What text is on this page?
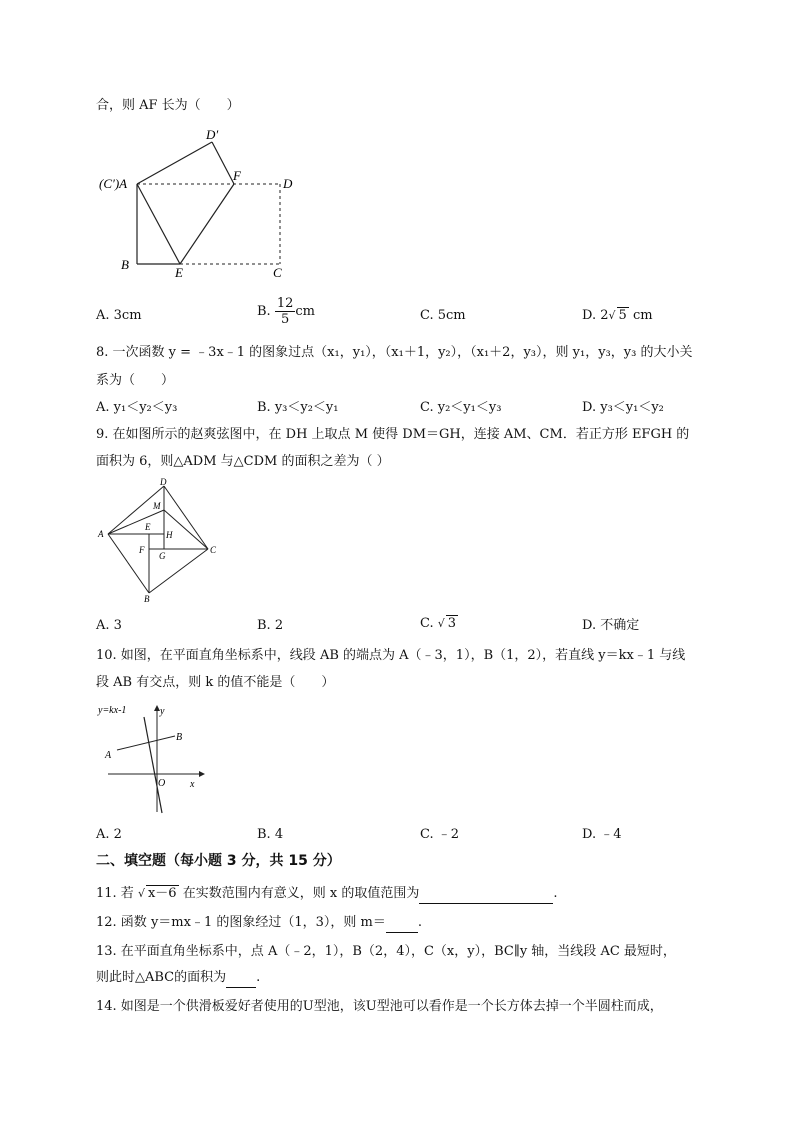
合，则 AF 长为（　　）
D′
(C′)A
F
D
B
E	C
A. 3cm	B. $\frac{12}{5}$ cm	C. 5cm	D. 2√ 5 cm
8. 一次函数 y = ﹣3x﹣1 的图象过点（x₁，y₁），（x₁＋1，y₂），（x₁＋2，y₃），则 y₁，y₃，y₃ 的大小关
系为（　　）
A. y₁＜y₂＜y₃	B. y₃＜y₂＜y₁	C. y₂＜y₁＜y₃	D. y₃＜y₁＜y₂
9. 在如图所示的赵爽弦图中，在 DH 上取点 M 使得 DM＝GH，连接 AM、CM．若正方形 EFGH 的
面积为 6，则△ADM 与△CDM 的面积之差为（ ）
D
M
E
H
A
C
F
G
B
A. 3	B. 2	C. √ 3	D. 不确定
10. 如图，在平面直角坐标系中，线段 AB 的端点为 A（﹣3，1），B（1，2），若直线 y＝kx﹣1 与线
段 AB 有交点，则 k 的值不能是（　　）
y=kx-1	y
B
A
O x
A. 2	B. 4	C. ﹣2	D. ﹣4
二、填空题（每小题 3 分，共 15 分）
11. 若 √ x－6 在实数范围内有意义，则 x 的取值范围为	.
12. 函数 y＝mx﹣1 的图象经过（1，3），则 m＝ .
13. 在平面直角坐标系中，点 A（﹣2，1），B（2，4），C（x，y），BC∥y 轴，当线段 AC 最短时，
则此时△ABC的面积为 .
14. 如图是一个供滑板爱好者使用的U型池，该U型池可以看作是一个长方体去掉一个半圆柱而成，
